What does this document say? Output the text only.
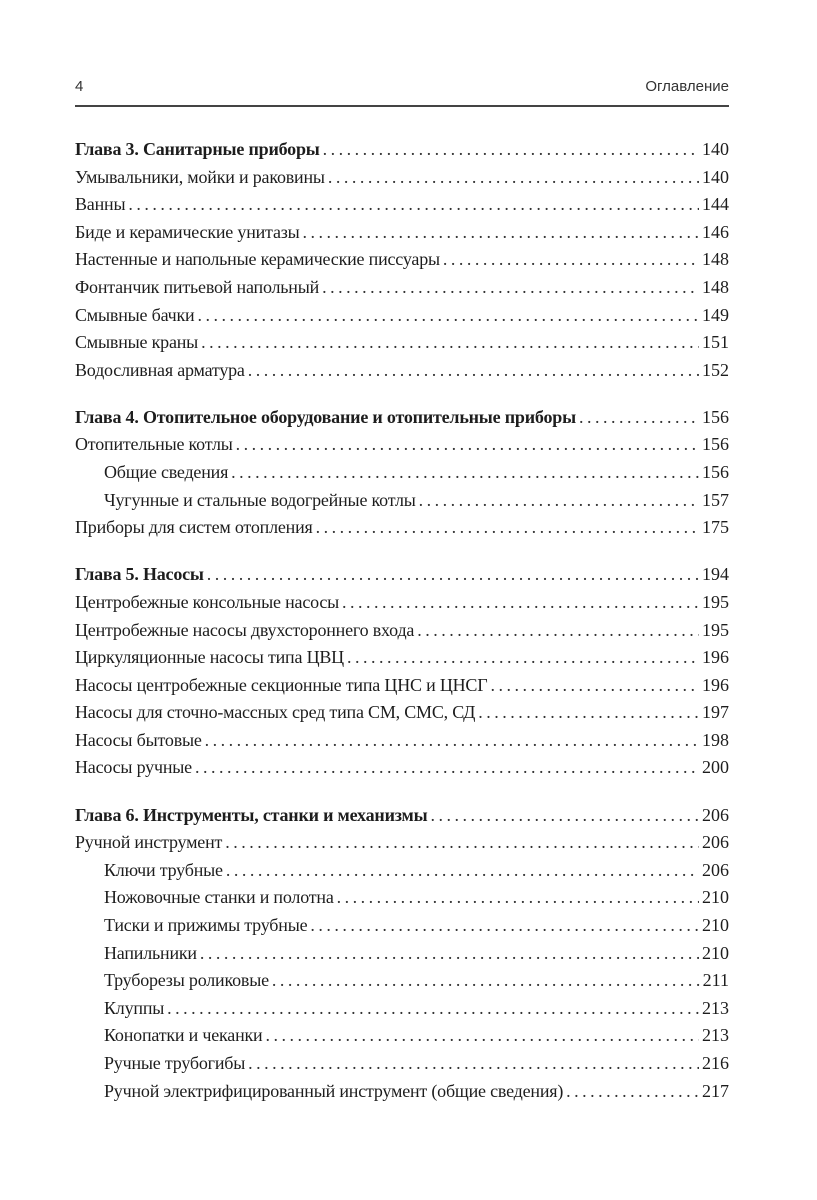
4	Оглавление
Глава 3. Санитарные приборы . . .	140
Умывальники, мойки и раковины . . .	140
Ванны . . .	144
Биде и керамические унитазы . . .	146
Настенные и напольные керамические писсуары . . .	148
Фонтанчик питьевой напольный . . .	148
Смывные бачки . . .	149
Смывные краны . . .	151
Водосливная арматура . . .	152
Глава 4. Отопительное оборудование и отопительные приборы . . .	156
Отопительные котлы . . .	156
Общие сведения . . .	156
Чугунные и стальные водогрейные котлы . . .	157
Приборы для систем отопления . . .	175
Глава 5. Насосы . . .	194
Центробежные консольные насосы . . .	195
Центробежные насосы двухстороннего входа . . .	195
Циркуляционные насосы типа ЦВЦ . . .	196
Насосы центробежные секционные типа ЦНС и ЦНСГ . . .	196
Насосы для сточно-массных сред типа СМ, СМС, СД . . .	197
Насосы бытовые . . .	198
Насосы ручные . . .	200
Глава 6. Инструменты, станки и механизмы . . .	206
Ручной инструмент . . .	206
Ключи трубные . . .	206
Ножовочные станки и полотна . . .	210
Тиски и прижимы трубные . . .	210
Напильники . . .	210
Труборезы роликовые . . .	211
Клуппы . . .	213
Конопатки и чеканки . . .	213
Ручные трубогибы . . .	216
Ручной электрифицированный инструмент (общие сведения) . . .	217
